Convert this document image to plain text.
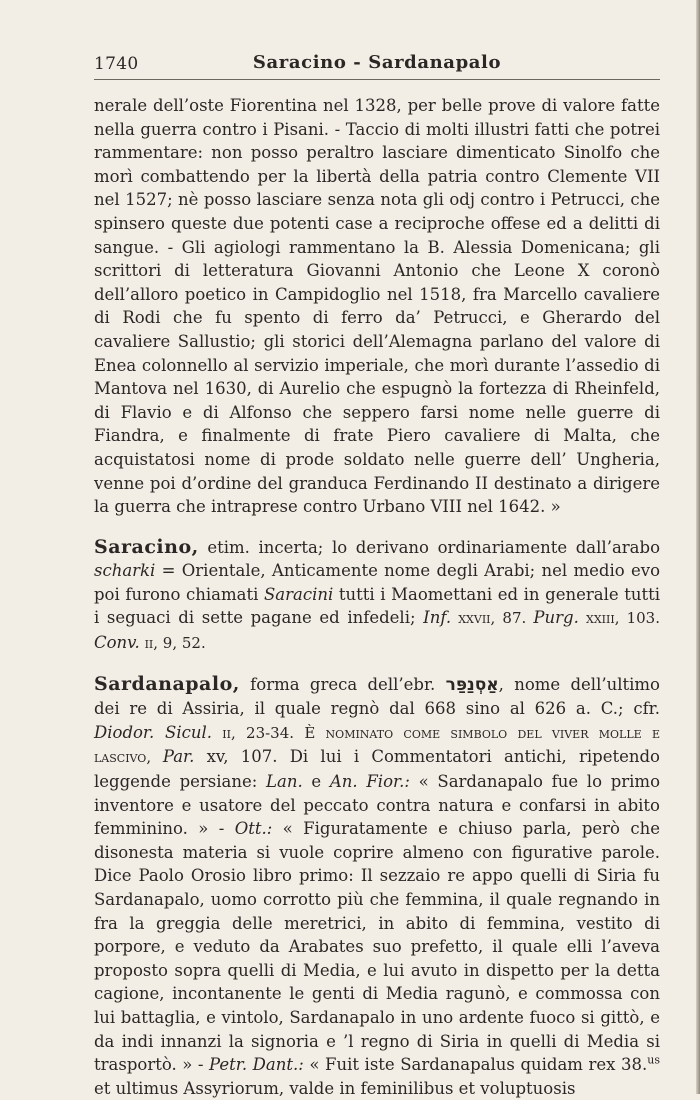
1740	Saracino - Sardanapalo

nerale dell’oste Fiorentina nel 1328, per belle prove di valore fatte nella guerra contro i Pisani. - Taccio di molti illustri fatti che potrei rammentare: non posso peraltro lasciare dimenticato Sinolfo che morì combattendo per la libertà della patria contro Clemente VII nel 1527; nè posso lasciare senza nota gli odj contro i Petrucci, che spinsero queste due potenti case a reciproche offese ed a delitti di sangue. - Gli agiologi rammentano la B. Alessia Domenicana; gli scrittori di letteratura Giovanni Antonio che Leone X coronò dell’alloro poetico in Campidoglio nel 1518, fra Marcello cavaliere di Rodi che fu spento di ferro da’ Petrucci, e Gherardo del cavaliere Sallustio; gli storici dell’Alemagna parlano del valore di Enea colonnello al servizio imperiale, che morì durante l’assedio di Mantova nel 1630, di Aurelio che espugnò la fortezza di Rheinfeld, di Flavio e di Alfonso che seppero farsi nome nelle guerre di Fiandra, e finalmente di frate Piero cavaliere di Malta, che acquistatosi nome di prode soldato nelle guerre dell’ Ungheria, venne poi d’ordine del granduca Ferdinando II destinato a dirigere la guerra che intraprese contro Urbano VIII nel 1642. »

Saracino, etim. incerta; lo derivano ordinariamente dall’arabo scharki = Orientale, Anticamente nome degli Arabi; nel medio evo poi furono chiamati Saracini tutti i Maomettani ed in generale tutti i seguaci di sette pagane ed infedeli; Inf. xxvii, 87. Purg. xxiii, 103. Conv. ii, 9, 52.

Sardanapalo, forma greca dell’ebr. אַסְנַפַּר, nome dell’ultimo dei re di Assiria, il quale regnò dal 668 sino al 626 a. C.; cfr. Diodor. Sicul. ii, 23-34. È nominato come simbolo del viver molle e lascivo, Par. xv, 107. Di lui i Commentatori antichi, ripetendo leggende persiane: Lan. e An. Fior.: « Sardanapalo fue lo primo inventore e usatore del peccato contra natura e confarsi in abito femminino. » - Ott.: « Figuratamente e chiuso parla, però che disonesta materia si vuole coprire almeno con figurative parole. Dice Paolo Orosio libro primo: Il sezzaio re appo quelli di Siria fu Sardanapalo, uomo corrotto più che femmina, il quale regnando in fra la greggia delle meretrici, in abito di femmina, vestito di porpore, e veduto da Arabates suo prefetto, il quale elli l’aveva proposto sopra quelli di Media, e lui avuto in dispetto per la detta cagione, incontanente le genti di Media ragunò, e commossa con lui battaglia, e vintolo, Sardanapalo in uno ardente fuoco si gittò, e da indi innanzi la signoria e ’l regno di Siria in quelli di Media si trasportò. » - Petr. Dant.: « Fuit iste Sardanapalus quidam rex 38.$^{us}$ et ultimus Assyriorum, valde in feminilibus et voluptuosis
